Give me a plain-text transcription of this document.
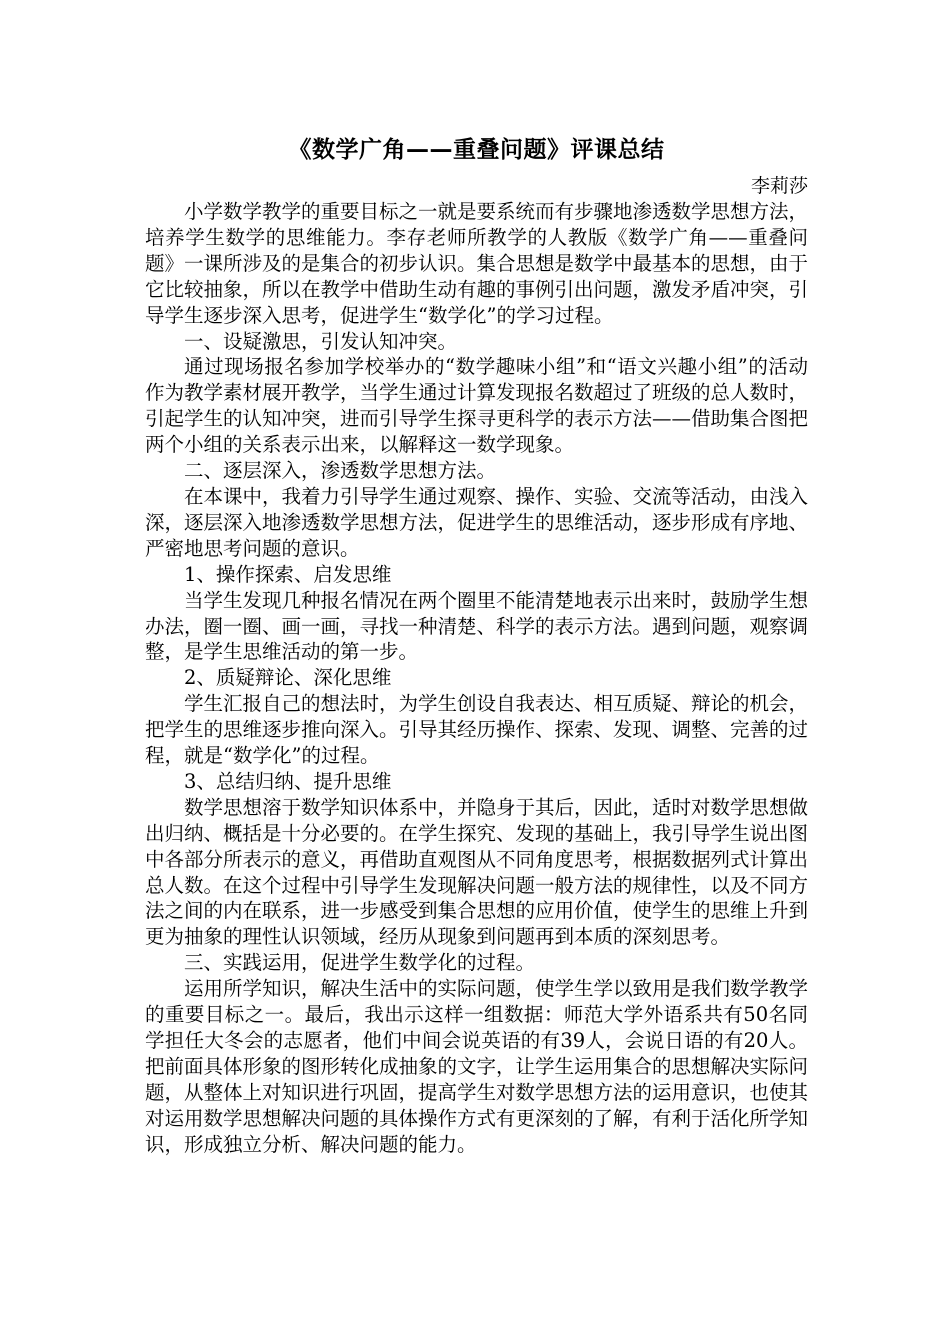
《数学广角——重叠问题》评课总结
李莉莎

小学数学教学的重要目标之一就是要系统而有步骤地渗透数学思想方法，培养学生数学的思维能力。李存老师所教学的人教版《数学广角——重叠问题》一课所涉及的是集合的初步认识。集合思想是数学中最基本的思想，由于它比较抽象，所以在教学中借助生动有趣的事例引出问题，激发矛盾冲突，引导学生逐步深入思考，促进学生“数学化”的学习过程。

一、设疑激思，引发认知冲突。

通过现场报名参加学校举办的“数学趣味小组”和“语文兴趣小组”的活动作为教学素材展开教学，当学生通过计算发现报名数超过了班级的总人数时，引起学生的认知冲突，进而引导学生探寻更科学的表示方法——借助集合图把两个小组的关系表示出来，以解释这一数学现象。

二、逐层深入，渗透数学思想方法。

在本课中，我着力引导学生通过观察、操作、实验、交流等活动，由浅入深，逐层深入地渗透数学思想方法，促进学生的思维活动，逐步形成有序地、严密地思考问题的意识。

1、操作探索、启发思维

当学生发现几种报名情况在两个圈里不能清楚地表示出来时，鼓励学生想办法，圈一圈、画一画，寻找一种清楚、科学的表示方法。遇到问题，观察调整，是学生思维活动的第一步。

2、质疑辩论、深化思维

学生汇报自己的想法时，为学生创设自我表达、相互质疑、辩论的机会，把学生的思维逐步推向深入。引导其经历操作、探索、发现、调整、完善的过程，就是“数学化”的过程。

3、总结归纳、提升思维

数学思想溶于数学知识体系中，并隐身于其后，因此，适时对数学思想做出归纳、概括是十分必要的。在学生探究、发现的基础上，我引导学生说出图中各部分所表示的意义，再借助直观图从不同角度思考，根据数据列式计算出总人数。在这个过程中引导学生发现解决问题一般方法的规律性，以及不同方法之间的内在联系，进一步感受到集合思想的应用价值，使学生的思维上升到更为抽象的理性认识领域，经历从现象到问题再到本质的深刻思考。

三、实践运用，促进学生数学化的过程。

运用所学知识，解决生活中的实际问题，使学生学以致用是我们数学教学的重要目标之一。最后，我出示这样一组数据：师范大学外语系共有50名同学担任大冬会的志愿者，他们中间会说英语的有39人，会说日语的有20人。把前面具体形象的图形转化成抽象的文字，让学生运用集合的思想解决实际问题，从整体上对知识进行巩固，提高学生对数学思想方法的运用意识，也使其对运用数学思想解决问题的具体操作方式有更深刻的了解，有利于活化所学知识，形成独立分析、解决问题的能力。
